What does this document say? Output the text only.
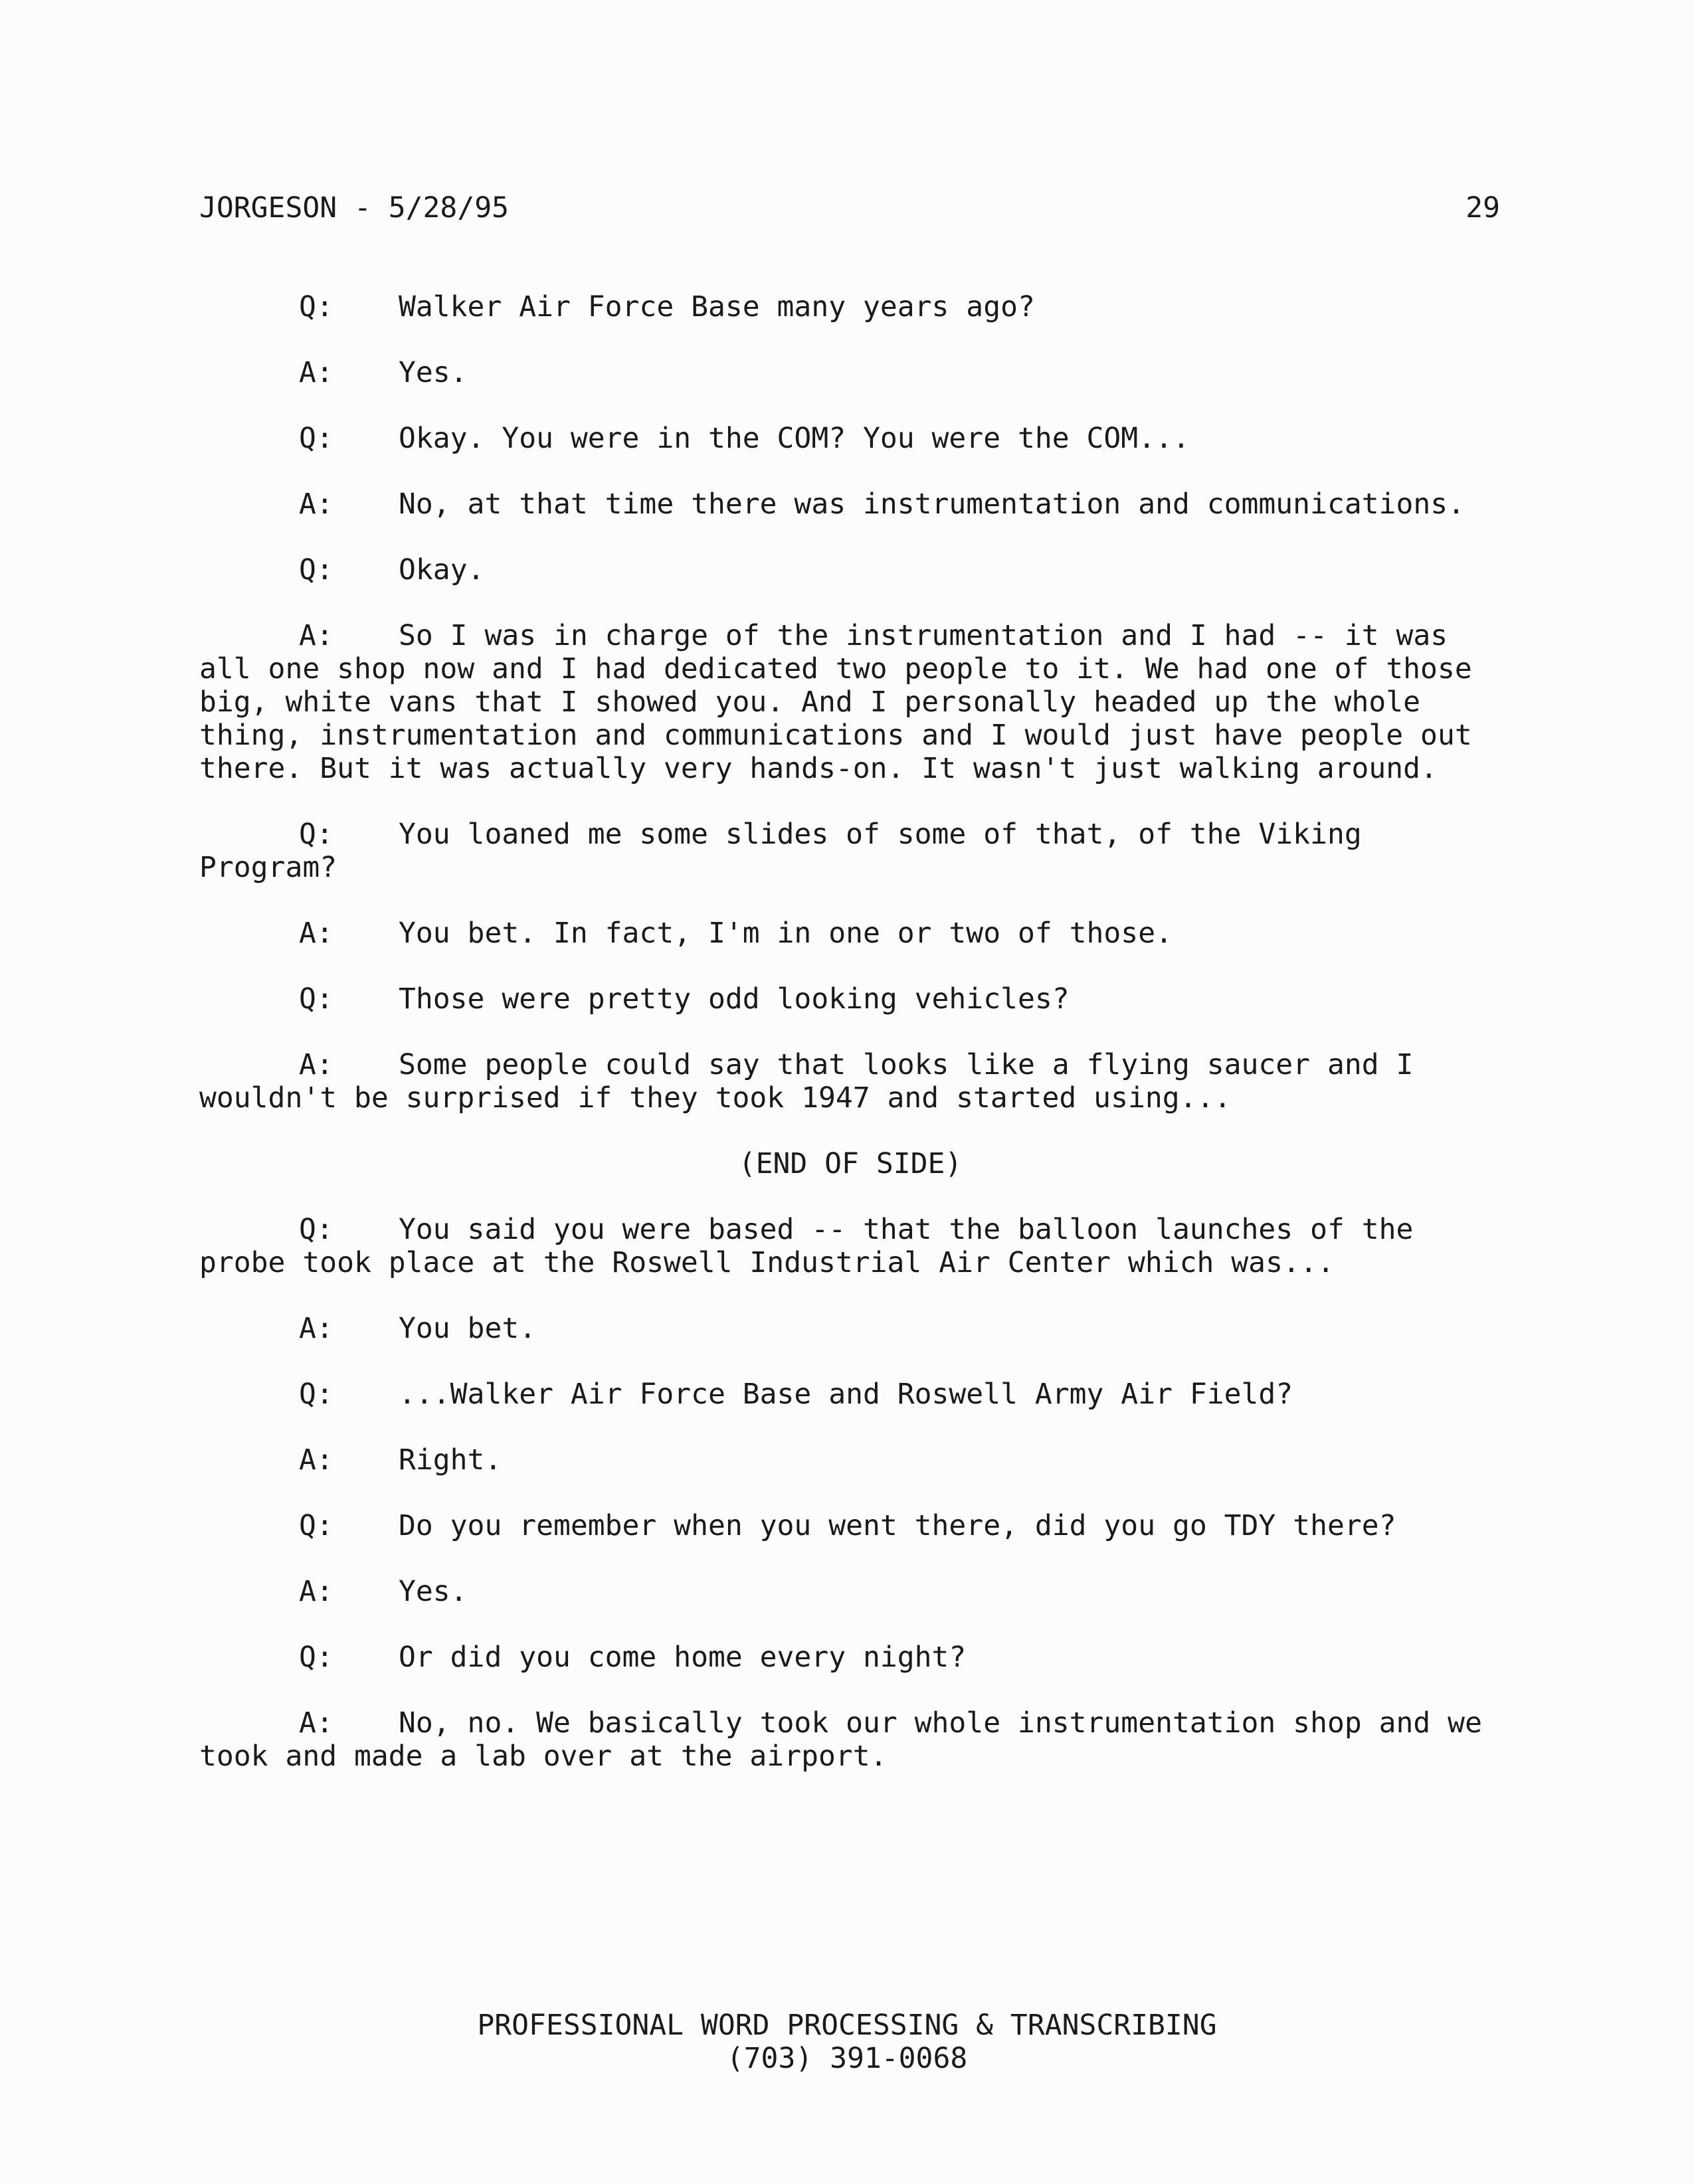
JORGESON - 5/28/95	29

Q: Walker Air Force Base many years ago?

A: Yes.

Q: Okay. You were in the COM? You were the COM...

A: No, at that time there was instrumentation and communications.

Q: Okay.

A: So I was in charge of the instrumentation and I had -- it was all one shop now and I had dedicated two people to it. We had one of those big, white vans that I showed you. And I personally headed up the whole thing, instrumentation and communications and I would just have people out there. But it was actually very hands-on. It wasn't just walking around.

Q: You loaned me some slides of some of that, of the Viking Program?

A: You bet. In fact, I'm in one or two of those.

Q: Those were pretty odd looking vehicles?

A: Some people could say that looks like a flying saucer and I wouldn't be surprised if they took 1947 and started using...

(END OF SIDE)

Q: You said you were based -- that the balloon launches of the probe took place at the Roswell Industrial Air Center which was...

A: You bet.

Q: ...Walker Air Force Base and Roswell Army Air Field?

A: Right.

Q: Do you remember when you went there, did you go TDY there?

A: Yes.

Q: Or did you come home every night?

A: No, no. We basically took our whole instrumentation shop and we took and made a lab over at the airport.

PROFESSIONAL WORD PROCESSING & TRANSCRIBING
(703) 391-0068
